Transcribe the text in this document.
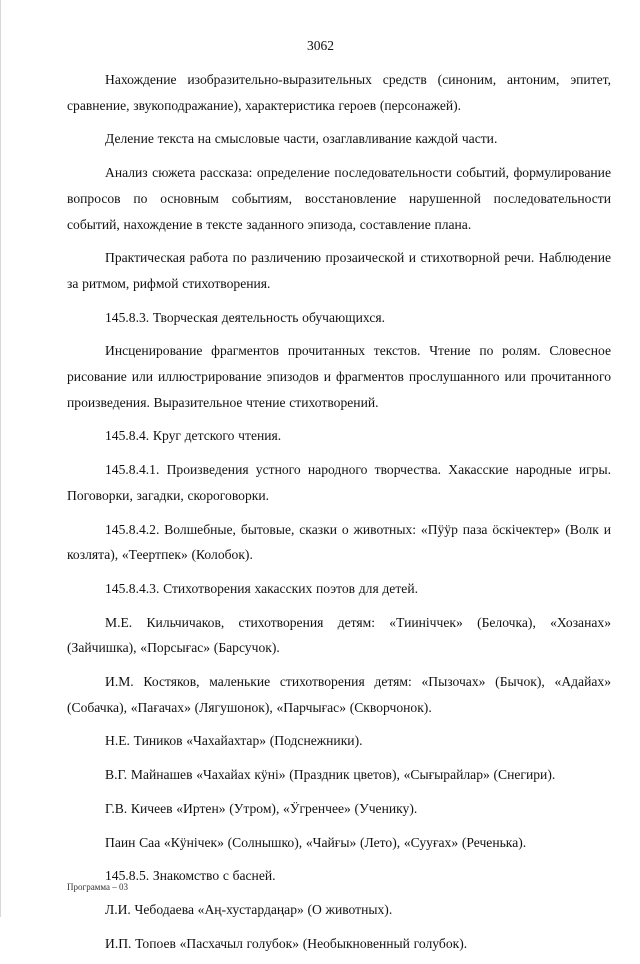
3062

Нахождение изобразительно-выразительных средств (синоним, антоним, эпитет, сравнение, звукоподражание), характеристика героев (персонажей).

Деление текста на смысловые части, озаглавливание каждой части.

Анализ сюжета рассказа: определение последовательности событий, формулирование вопросов по основным событиям, восстановление нарушенной последовательности событий, нахождение в тексте заданного эпизода, составление плана.

Практическая работа по различению прозаической и стихотворной речи. Наблюдение за ритмом, рифмой стихотворения.

145.8.3. Творческая деятельность обучающихся.

Инсценирование фрагментов прочитанных текстов. Чтение по ролям. Словесное рисование или иллюстрирование эпизодов и фрагментов прослушанного или прочитанного произведения. Выразительное чтение стихотворений.

145.8.4. Круг детского чтения.

145.8.4.1. Произведения устного народного творчества. Хакасские народные игры. Поговорки, загадки, скороговорки.

145.8.4.2. Волшебные, бытовые, сказки о животных: «Пӱӱр паза ӧскiчектер» (Волк и козлята), «Теертпек» (Колобок).

145.8.4.3. Стихотворения хакасских поэтов для детей.

М.Е. Кильчичаков, стихотворения детям: «Тииніччек» (Белочка), «Хозанах» (Зайчишка), «Порсығас» (Барсучок).

И.М. Костяков, маленькие стихотворения детям: «Пызочах» (Бычок), «Адайах» (Собачка), «Пағачах» (Лягушонок), «Парчығас» (Скворчонок).

Н.Е. Тиников «Чахайахтар» (Подснежники).

В.Г. Майнашев «Чахайах кӱнi» (Праздник цветов), «Сығырайлар» (Снегири).

Г.В. Кичеев «Иртен» (Утром), «Ӱгренчее» (Ученику).

Паин Саа «Кӱнічек» (Солнышко), «Чайғы» (Лето), «Сууғах» (Реченька).

145.8.5. Знакомство с басней.

Л.И. Чебодаева «Аң-хустардаңар» (О животных).

И.П. Топоев «Пасхачыл голубок» (Необыкновенный голубок).

Программа – 03
